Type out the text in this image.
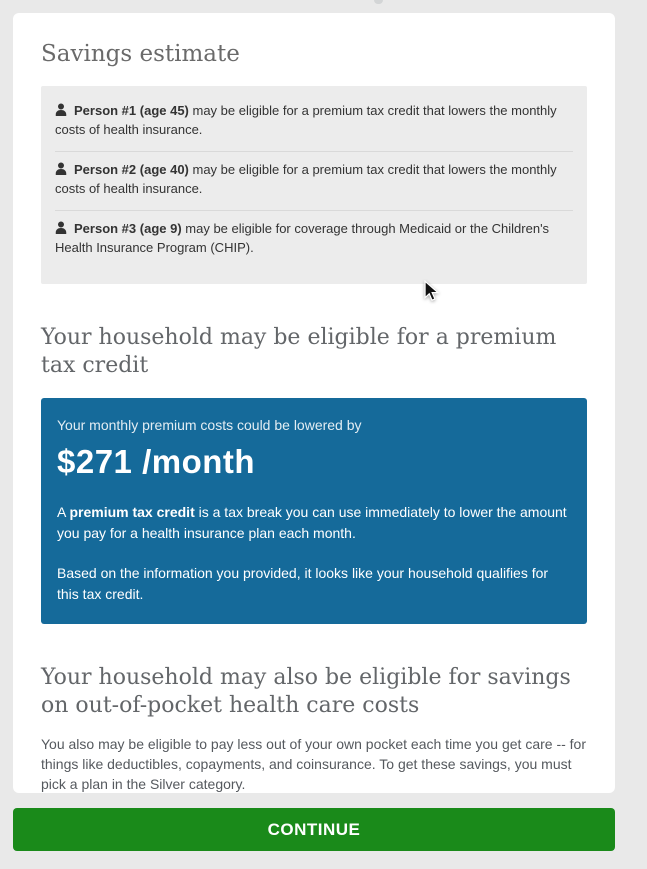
Savings estimate

Person #1 (age 45) may be eligible for a premium tax credit that lowers the monthly costs of health insurance.

Person #2 (age 40) may be eligible for a premium tax credit that lowers the monthly costs of health insurance.

Person #3 (age 9) may be eligible for coverage through Medicaid or the Children's Health Insurance Program (CHIP).

Your household may be eligible for a premium tax credit

Your monthly premium costs could be lowered by

$271 /month

A premium tax credit is a tax break you can use immediately to lower the amount you pay for a health insurance plan each month.

Based on the information you provided, it looks like your household qualifies for this tax credit.

Your household may also be eligible for savings on out-of-pocket health care costs

You also may be eligible to pay less out of your own pocket each time you get care -- for things like deductibles, copayments, and coinsurance. To get these savings, you must pick a plan in the Silver category.

CONTINUE
